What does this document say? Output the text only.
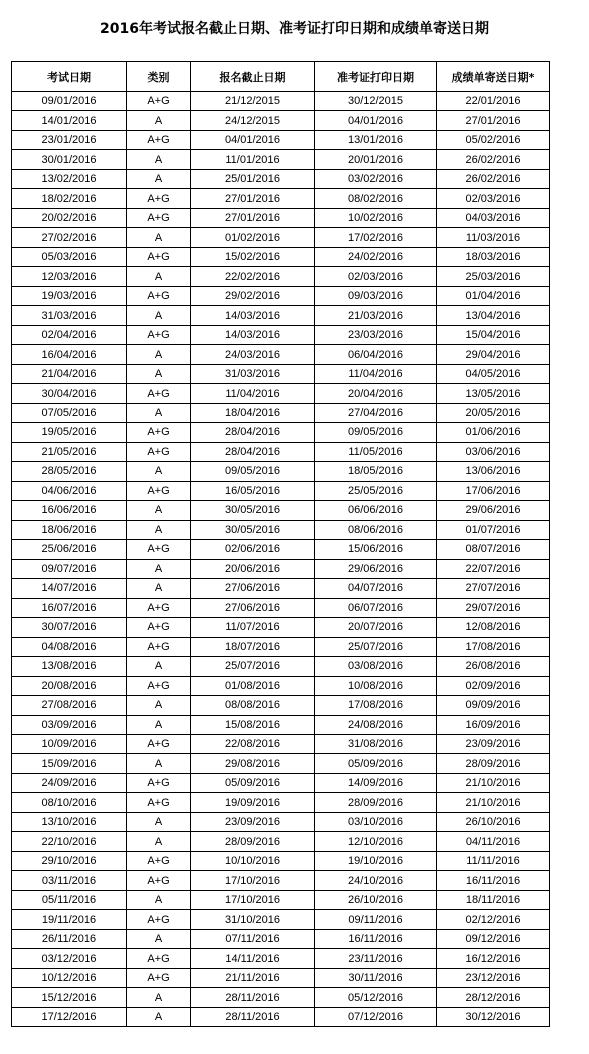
2016年考试报名截止日期、准考证打印日期和成绩单寄送日期
考试日期	类别	报名截止日期	准考证打印日期	成绩单寄送日期*
09/01/2016	A+G	21/12/2015	30/12/2015	22/01/2016
14/01/2016	A	24/12/2015	04/01/2016	27/01/2016
23/01/2016	A+G	04/01/2016	13/01/2016	05/02/2016
30/01/2016	A	11/01/2016	20/01/2016	26/02/2016
13/02/2016	A	25/01/2016	03/02/2016	26/02/2016
18/02/2016	A+G	27/01/2016	08/02/2016	02/03/2016
20/02/2016	A+G	27/01/2016	10/02/2016	04/03/2016
27/02/2016	A	01/02/2016	17/02/2016	11/03/2016
05/03/2016	A+G	15/02/2016	24/02/2016	18/03/2016
12/03/2016	A	22/02/2016	02/03/2016	25/03/2016
19/03/2016	A+G	29/02/2016	09/03/2016	01/04/2016
31/03/2016	A	14/03/2016	21/03/2016	13/04/2016
02/04/2016	A+G	14/03/2016	23/03/2016	15/04/2016
16/04/2016	A	24/03/2016	06/04/2016	29/04/2016
21/04/2016	A	31/03/2016	11/04/2016	04/05/2016
30/04/2016	A+G	11/04/2016	20/04/2016	13/05/2016
07/05/2016	A	18/04/2016	27/04/2016	20/05/2016
19/05/2016	A+G	28/04/2016	09/05/2016	01/06/2016
21/05/2016	A+G	28/04/2016	11/05/2016	03/06/2016
28/05/2016	A	09/05/2016	18/05/2016	13/06/2016
04/06/2016	A+G	16/05/2016	25/05/2016	17/06/2016
16/06/2016	A	30/05/2016	06/06/2016	29/06/2016
18/06/2016	A	30/05/2016	08/06/2016	01/07/2016
25/06/2016	A+G	02/06/2016	15/06/2016	08/07/2016
09/07/2016	A	20/06/2016	29/06/2016	22/07/2016
14/07/2016	A	27/06/2016	04/07/2016	27/07/2016
16/07/2016	A+G	27/06/2016	06/07/2016	29/07/2016
30/07/2016	A+G	11/07/2016	20/07/2016	12/08/2016
04/08/2016	A+G	18/07/2016	25/07/2016	17/08/2016
13/08/2016	A	25/07/2016	03/08/2016	26/08/2016
20/08/2016	A+G	01/08/2016	10/08/2016	02/09/2016
27/08/2016	A	08/08/2016	17/08/2016	09/09/2016
03/09/2016	A	15/08/2016	24/08/2016	16/09/2016
10/09/2016	A+G	22/08/2016	31/08/2016	23/09/2016
15/09/2016	A	29/08/2016	05/09/2016	28/09/2016
24/09/2016	A+G	05/09/2016	14/09/2016	21/10/2016
08/10/2016	A+G	19/09/2016	28/09/2016	21/10/2016
13/10/2016	A	23/09/2016	03/10/2016	26/10/2016
22/10/2016	A	28/09/2016	12/10/2016	04/11/2016
29/10/2016	A+G	10/10/2016	19/10/2016	11/11/2016
03/11/2016	A+G	17/10/2016	24/10/2016	16/11/2016
05/11/2016	A	17/10/2016	26/10/2016	18/11/2016
19/11/2016	A+G	31/10/2016	09/11/2016	02/12/2016
26/11/2016	A	07/11/2016	16/11/2016	09/12/2016
03/12/2016	A+G	14/11/2016	23/11/2016	16/12/2016
10/12/2016	A+G	21/11/2016	30/11/2016	23/12/2016
15/12/2016	A	28/11/2016	05/12/2016	28/12/2016
17/12/2016	A	28/11/2016	07/12/2016	30/12/2016
